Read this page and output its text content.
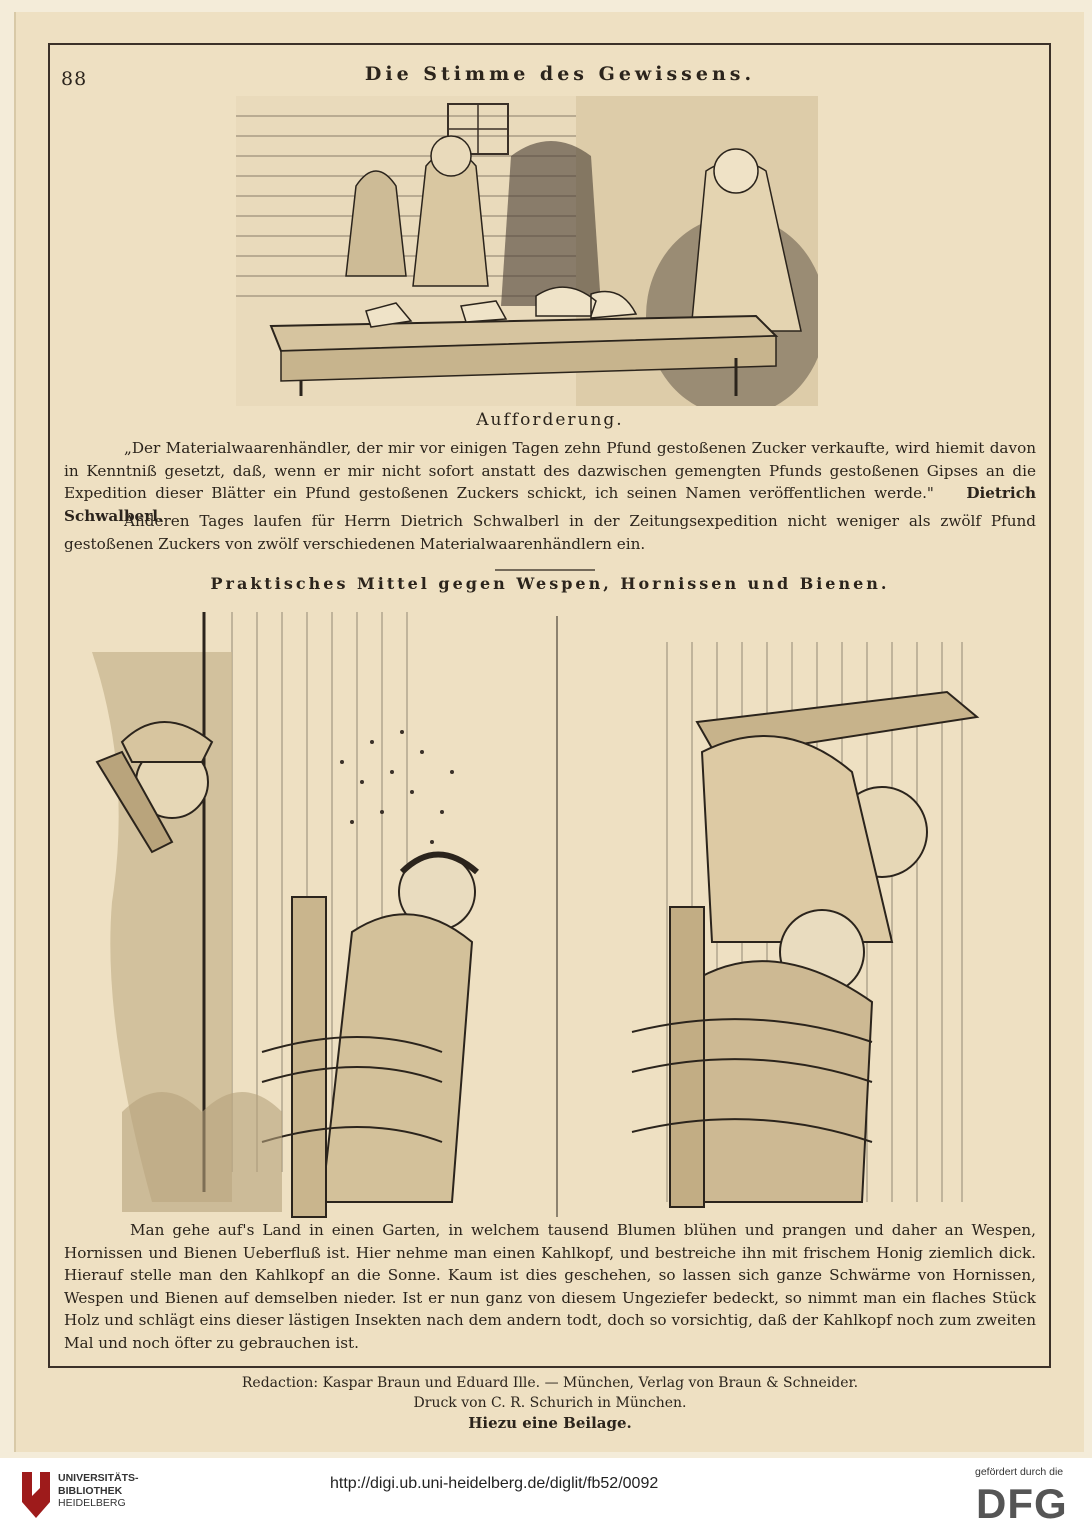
88	Die Stimme des Gewissens.
Aufforderung.
„Der Materialwaarenhändler, der mir vor einigen Tagen zehn Pfund gestoßenen Zucker verkaufte, wird hiemit davon in Kenntniß gesetzt, daß, wenn er mir nicht sofort anstatt des dazwischen gemengten Pfunds gestoßenen Gipses an die Expedition dieser Blätter ein Pfund gestoßenen Zuckers schickt, ich seinen Namen veröffentlichen werde." Dietrich Schwalberl.
Anderen Tages laufen für Herrn Dietrich Schwalberl in der Zeitungsexpedition nicht weniger als zwölf Pfund gestoßenen Zuckers von zwölf verschiedenen Materialwaarenhändlern ein.
Praktisches Mittel gegen Wespen, Hornissen und Bienen.
Man gehe auf's Land in einen Garten, in welchem tausend Blumen blühen und prangen und daher an Wespen, Hornissen und Bienen Ueberfluß ist. Hier nehme man einen Kahlkopf, und bestreiche ihn mit frischem Honig ziemlich dick. Hierauf stelle man den Kahlkopf an die Sonne. Kaum ist dies geschehen, so lassen sich ganze Schwärme von Hornissen, Wespen und Bienen auf demselben nieder. Ist er nun ganz von diesem Ungeziefer bedeckt, so nimmt man ein flaches Stück Holz und schlägt eins dieser lästigen Insekten nach dem andern todt, doch so vorsichtig, daß der Kahlkopf noch zum zweiten Mal und noch öfter zu gebrauchen ist.
Redaction: Kaspar Braun und Eduard Ille. — München, Verlag von Braun & Schneider.
Druck von C. R. Schurich in München.
Hiezu eine Beilage.
UNIVERSITÄTS-
BIBLIOTHEK
HEIDELBERG
http://digi.ub.uni-heidelberg.de/diglit/fb52/0092
gefördert durch die
DFG
